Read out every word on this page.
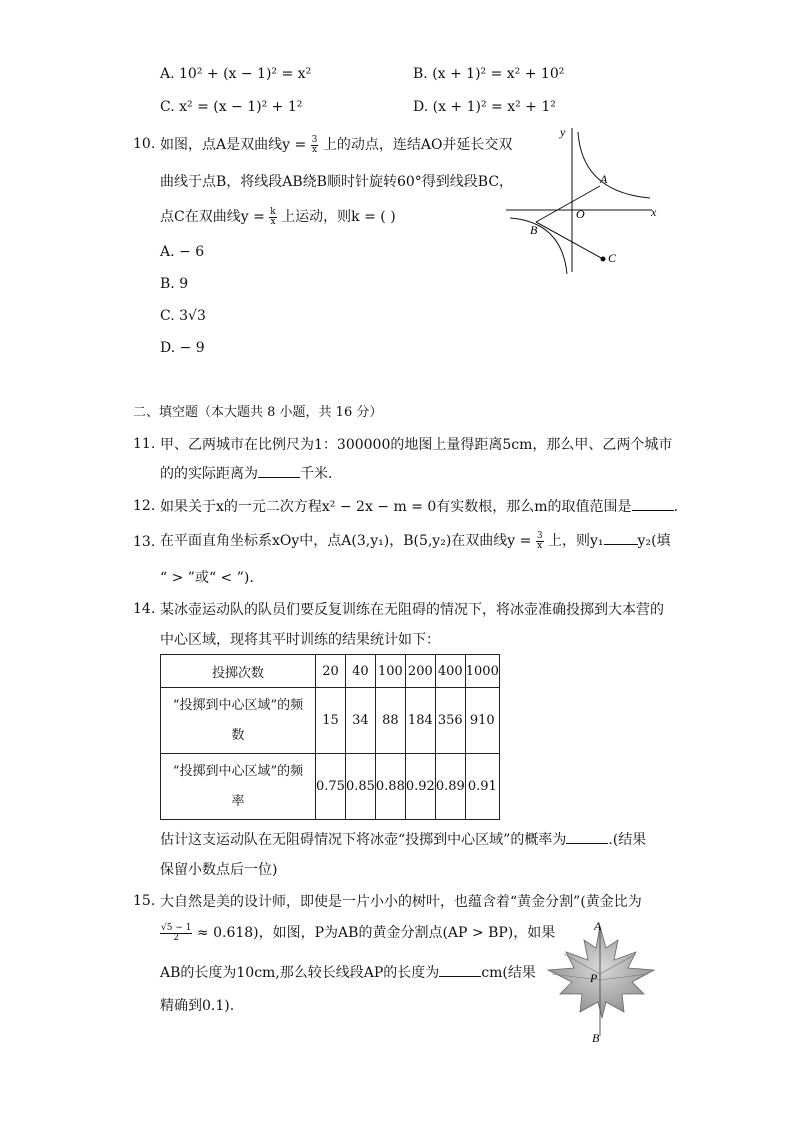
A. 10² + (x − 1)² = x²	B. (x + 1)² = x² + 10²
C. x² = (x − 1)² + 1²	D. (x + 1)² = x² + 1²
10. 如图，点A是双曲线$y = \frac{3}{x}$ 上的动点，连结AO并延长交双
曲线于点B，将线段AB绕B顺时针旋转60°得到线段BC，
点C在双曲线$y = \frac{k}{x}$ 上运动，则k = ( )
A. − 6
B. 9
C. 3√3
D. − 9
y
x
O
A
B
C
二、填空题（本大题共 8 小题，共 16 分）
11. 甲、乙两城市在比例尺为1：300000的地图上量得距离5cm，那么甲、乙两个城市
的的实际距离为	千米.
12. 如果关于x的一元二次方程x² − 2x − m = 0有实数根，那么m的取值范围是	.
13. 在平面直角坐标系xOy中，点A(3,y₁)，B(5,y₂)在双曲线$y = \frac{3}{x}$ 上，则y₁ y₂(填
“ > ”或“ < ”).
14. 某冰壶运动队的队员们要反复训练在无阻碍的情况下，将冰壶准确投掷到大本营的
中心区域，现将其平时训练的结果统计如下：
投掷次数	20	40	100	200	400	1000

“投掷到中心区域”的频
数	15	34	88	184	356	910

“投掷到中心区域”的频
率	0.75	0.85	0.88	0.92	0.89	0.91
估计这支运动队在无阻碍情况下将冰壶“投掷到中心区域”的概率为	.(结果
保留小数点后一位)
15. 大自然是美的设计师，即使是一片小小的树叶，也蕴含着“黄金分割”(黄金比为
$\frac{√5 - 1}{2} \approx 0.618$)，如图，P为AB的黄金分割点(AP > BP)，如果
AB的长度为10cm,那么较长线段AP的长度为	cm(结果
精确到0.1).
A
P
B
